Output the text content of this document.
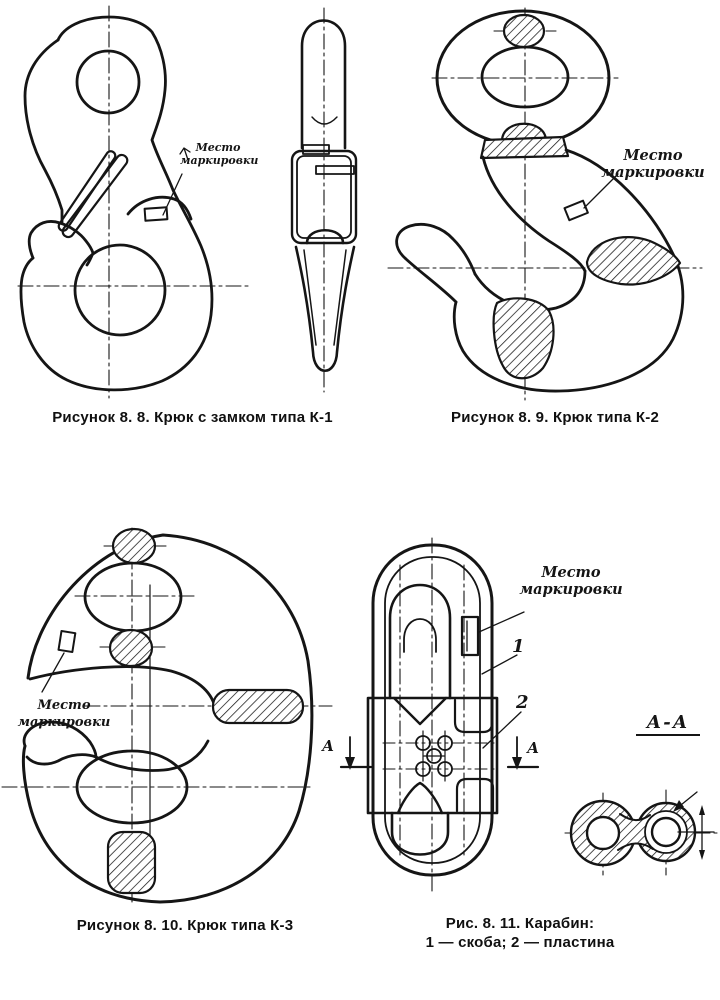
Место
маркировки	Место
маркировки
Место
маркировки
Место
маркировки
1
2
А	А
А-А
Рисунок 8. 8. Крюк с замком типа К-1	Рисунок 8. 9. Крюк типа К-2
Рисунок 8. 10. Крюк типа К-3	Рис. 8. 11. Карабин:
1 — скоба; 2 — пластина
